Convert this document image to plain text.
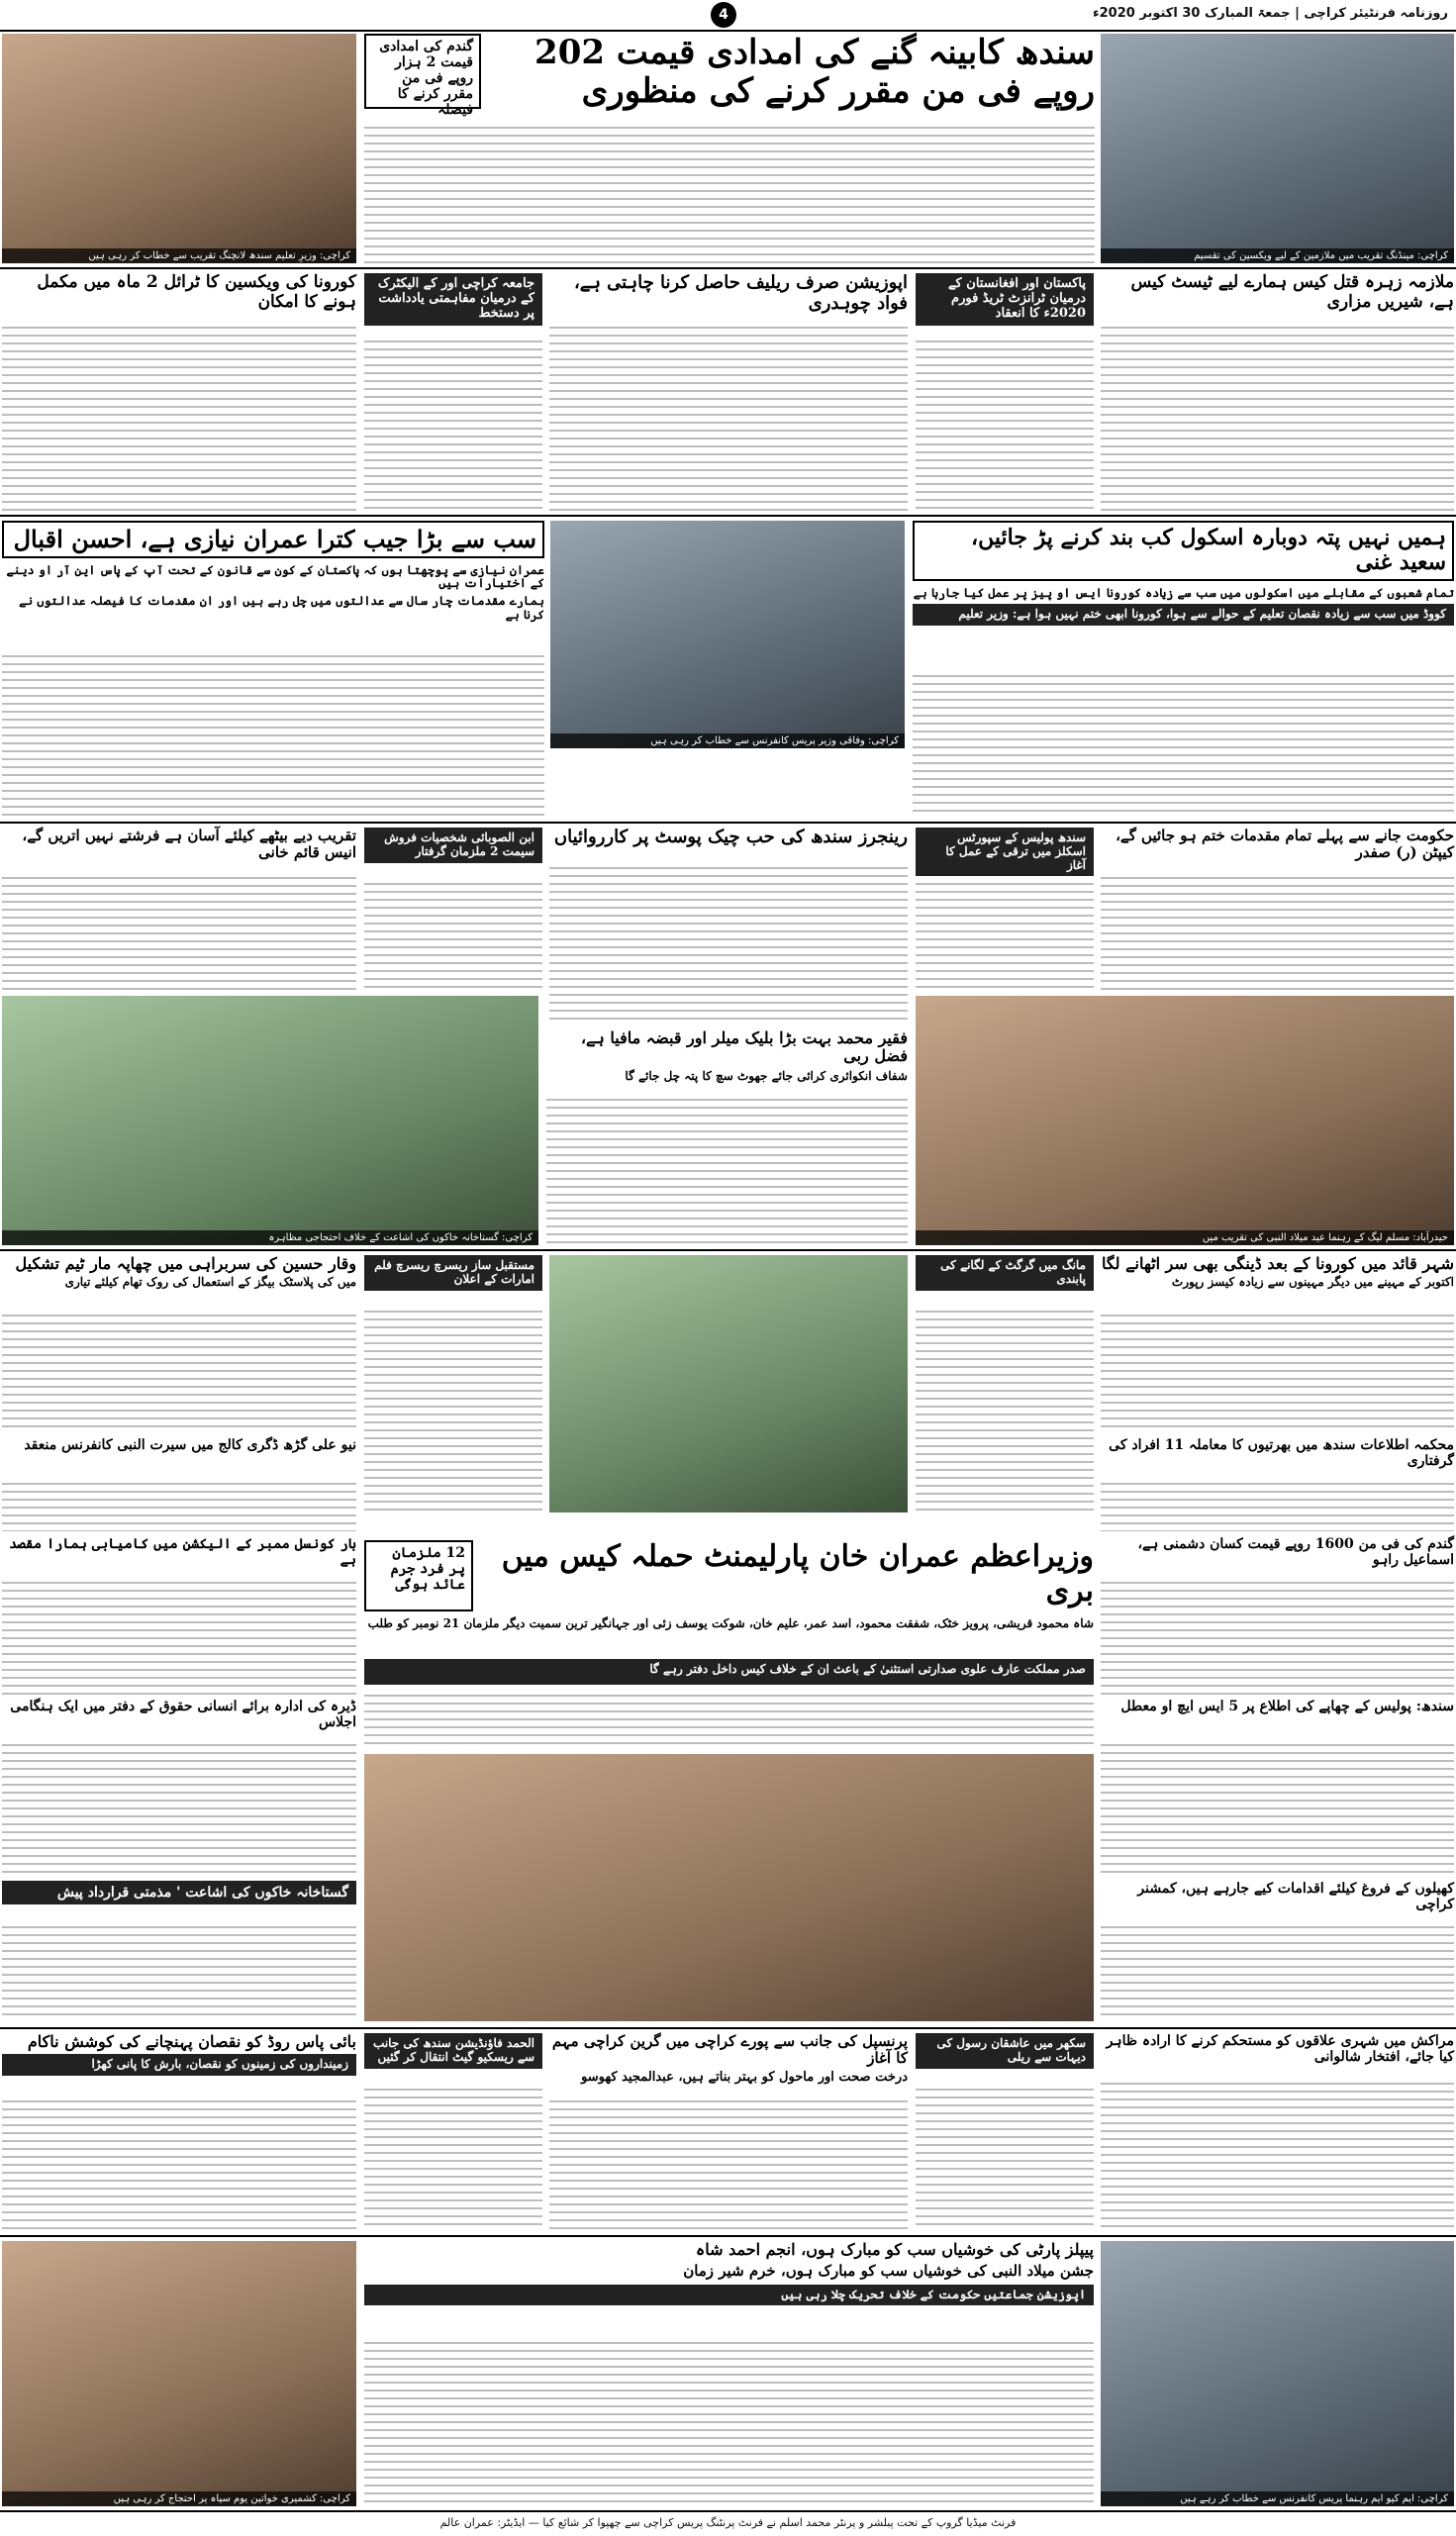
روزنامہ فرنٹیئر کراچی | جمعۃ المبارک 30 اکتوبر 2020ء
4
کراچی: وزیرِ تعلیم سندھ لانچنگ تقریب سے خطاب کر رہی ہیں
گندم کی امدادی قیمت 2 ہزار روپے فی من مقرر کرنے کا فیصلہ
سندھ کابینہ گنے کی امدادی قیمت 202 روپے فی من مقرر کرنے کی منظوری
کراچی: مینڈنگ تقریب میں ملازمین کے لیے ویکسین کی تقسیم
ملازمہ زہرہ قتل کیس ہمارے لیے ٹیسٹ کیس ہے، شیریں مزاری
پاکستان اور افغانستان کے درمیان ٹرانزٹ ٹریڈ فورم 2020ء کا انعقاد
اپوزیشن صرف ریلیف حاصل کرنا چاہتی ہے، فواد چوہدری
جامعہ کراچی اور کے الیکٹرک کے درمیان مفاہمتی یادداشت پر دستخط
کورونا کی ویکسین کا ٹرائل 2 ماہ میں مکمل ہونے کا امکان
سب سے بڑا جیب کترا عمران نیازی ہے، احسن اقبال
عمران نیازی سے پوچھتا ہوں کہ پاکستان کے کون سے قانون کے تحت آپ کے پاس این آر او دینے کے اختیارات ہیں
ہمارے مقدمات چار سال سے عدالتوں میں چل رہے ہیں اور ان مقدمات کا فیصلہ عدالتوں نے کرنا ہے
کراچی: وفاقی وزیر پریس کانفرنس سے خطاب کر رہی ہیں
ہمیں نہیں پتہ دوبارہ اسکول کب بند کرنے پڑ جائیں، سعید غنی
تمام شعبوں کے مقابلے میں اسکولوں میں سب سے زیادہ کورونا ایس او پیز پر عمل کیا جارہا ہے
کووڈ میں سب سے زیادہ نقصان تعلیم کے حوالے سے ہوا، کورونا ابھی ختم نہیں ہوا ہے: وزیر تعلیم
حکومت جانے سے پہلے تمام مقدمات ختم ہو جائیں گے، کیپٹن (ر) صفدر
سندھ پولیس کے سپورٹس اسکلز میں ترقی کے عمل کا آغاز
رینجرز سندھ کی حب چیک پوسٹ پر کارروائیاں
ابن الصوبائی شخصیات فروش سیمت 2 ملزمان گرفتار
تقریب دیے بیٹھے کیلئے آسان ہے فرشتے نہیں اتریں گے، انیس قائم خانی
کراچی: گستاخانہ خاکوں کی اشاعت کے خلاف احتجاجی مظاہرہ
فقیر محمد بہت بڑا بلیک میلر اور قبضہ مافیا ہے، فضل ربی
شفاف انکوائری کرائی جائے جھوٹ سچ کا پتہ چل جائے گا
حیدرآباد: مسلم لیگ کے رہنما عید میلاد النبی کی تقریب میں
شہر قائد میں کورونا کے بعد ڈینگی بھی سر اٹھانے لگا
اکتوبر کے مہینے میں دیگر مہینوں سے زیادہ کیسز رپورٹ
مانگ میں گرگٹ کے لگانے کی پابندی
مستقبل ساز ریسرچ ریسرچ فلم امارات کے اعلان
وقار حسین کی سربراہی میں چھاپہ مار ٹیم تشکیل
میں کی پلاسٹک بیگز کے استعمال کی روک تھام کیلئے تیاری
محکمہ اطلاعات سندھ میں بھرتیوں کا معاملہ 11 افراد کی گرفتاری
نیو علی گڑھ ڈگری کالج میں سیرت النبی کانفرنس منعقد
12 ملزمان پر فرد جرم عائد ہوگی
وزیراعظم عمران خان پارلیمنٹ حملہ کیس میں بری
شاہ محمود قریشی، پرویز خٹک، شفقت محمود، اسد عمر، علیم خان، شوکت یوسف زئی اور جہانگیر ترین سمیت دیگر ملزمان 21 نومبر کو طلب
صدر مملکت عارف علوی صدارتی استثنیٰ کے باعث ان کے خلاف کیس داخل دفتر رہے گا
گندم کی فی من 1600 روپے قیمت کسان دشمنی ہے، اسماعیل راہو
سندھ: پولیس کے چھاپے کی اطلاع پر 5 ایس ایچ او معطل
کھیلوں کے فروغ کیلئے اقدامات کیے جارہے ہیں، کمشنر کراچی
بار کونسل ممبر کے الیکشن میں کامیابی ہمارا مقصد ہے
ڈیرہ کی ادارہ برائے انسانی حقوق کے دفتر میں ایک ہنگامی اجلاس
گستاخانہ خاکوں کی اشاعت ' مذمتی قرارداد پیش
مراکش میں شہری علاقوں کو مستحکم کرنے کا ارادہ ظاہر کیا جائے، افتخار شالوانی
سکھر میں عاشقان رسول کی دیہات سے ریلی
پرنسپل کی جانب سے پورے کراچی میں گرین کراچی مہم کا آغاز
درخت صحت اور ماحول کو بہتر بناتے ہیں، عبدالمجید کھوسو
الحمد فاؤنڈیشن سندھ کی جانب سے ریسکیو گیٹ انتقال کر گئیں
بائی پاس روڈ کو نقصان پہنچانے کی کوشش ناکام
زمینداروں کی زمینوں کو نقصان، بارش کا پانی کھڑا
کراچی: کشمیری خواتین یوم سیاہ پر احتجاج کر رہی ہیں
پیپلز پارٹی کی خوشیاں سب کو مبارک ہوں، انجم احمد شاہ
جشن میلاد النبی کی خوشیاں سب کو مبارک ہوں، خرم شیر زمان
اپوزیشن جماعتیں حکومت کے خلاف تحریک چلا رہی ہیں
کراچی: ایم کیو ایم رہنما پریس کانفرنس سے خطاب کر رہے ہیں
فرنٹ میڈیا گروپ کے تحت پبلشر و پرنٹر محمد اسلم نے فرنٹ پرنٹنگ پریس کراچی سے چھپوا کر شائع کیا — ایڈیٹر: عمران عالم
